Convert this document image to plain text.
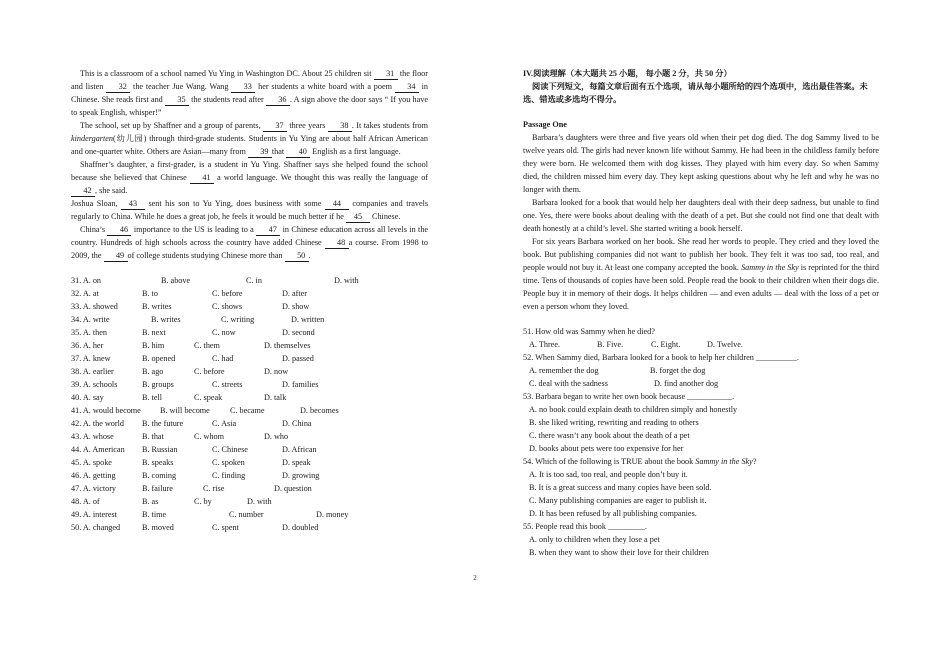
This is a classroom of a school named Yu Ying in Washington DC. About 25 children sit 31 the floor and listen 32 the teacher Jue Wang. Wang 33 her students a white board with a poem 34 in Chinese. She reads first and 35 the students read after 36 . A sign above the door says “ If you have to speak English, whisper!”
The school, set up by Shaffner and a group of parents, 37 three years 38 . It takes students from kindergarten(幼儿园) through third-grade students. Students in Yu Ying are about half African American and one-quarter white. Others are Asian—many from 39 that 40 English as a first language.
Shaffner’s daughter, a first-grader, is a student in Yu Ying. Shaffner says she helped found the school because she believed that Chinese 41 a world language. We thought this was really the language of 42 , she said.
Joshua Sloan, 43 sent his son to Yu Ying, does business with some 44 companies and travels regularly to China. While he does a great job, he feels it would be much better if he 45 Chinese.
China’s 46 importance to the US is leading to a 47 in Chinese education across all levels in the country. Hundreds of high schools across the country have added Chinese 48 a course. From 1998 to 2009, the 49 of college students studying Chinese more than 50 .
31. A. on	B. above	C. in	D. with
32. A. at	B. to	C. before	D. after
33. A. showed	B. writes	C. shows	D. show
34. A. write	B. writes	C. writing	D. written
35. A. then	B. next	C. now	D. second
36. A. her	B. him	C. them	D. themselves
37. A. knew	B. opened	C. had	D. passed
38. A. earlier	B. ago	C. before	D. now
39. A. schools	B. groups	C. streets	D. families
40. A. say	B. tell	C. speak	D. talk
41. A. would become B. will become C. became	D. becomes
42. A. the world B. the future	C. Asia	D. China
43. A. whose	B. that	C. whom	D. who
44. A. American B. Russian	C. Chinese	D. African
45. A. spoke	B. speaks	C. spoken	D. speak
46. A. getting	B. coming	C. finding	D. growing
47. A. victory	B. failure	C. rise	D. question
48. A. of	B. as	C. by	D. with
49. A. interest	B. time	C. number	D. money
50. A. changed	B. moved	C. spent	D. doubled

IV.阅读理解（本大题共 25 小题， 每小题 2 分，共 50 分）

阅读下列短文，每篇文章后面有五个选项，请从每小题所给的四个选项中，选出最佳答案。未选、错选或多选均不得分。

Passage One

Barbara’s daughters were three and five years old when their pet dog died. The dog Sammy lived to be twelve years old. The girls had never known life without Sammy. He had been in the childless family before they were born. He welcomed them with dog kisses. They played with him every day. So when Sammy died, the children missed him every day. They kept asking questions about why he left and why he was no longer with them.

Barbara looked for a book that would help her daughters deal with their deep sadness, but unable to find one. Yes, there were books about dealing with the death of a pet. But she could not find one that dealt with death honestly at a child’s level. She started writing a book herself.

For six years Barbara worked on her book. She read her words to people. They cried and they loved the book. But publishing companies did not want to publish her book. They felt it was too sad, too real, and people would not buy it. At least one company accepted the book. Sammy in the Sky is reprinted for the third time. Tens of thousands of copies have been sold. People read the book to their children when their dogs die. People buy it in memory of their dogs. It helps children — and even adults — deal with the loss of a pet or even a person whom they loved.

51. How old was Sammy when he died?

A. Three.	B. Five.	C. Eight.	D. Twelve.

52. When Sammy died, Barbara looked for a book to help her children __________.

A. remember the dog	B. forget the dog
C. deal with the sadness	D. find another dog

53. Barbara began to write her own book because ___________.

A. no book could explain death to children simply and honestly

B. she liked writing, rewriting and reading to others

C. there wasn’t any book about the death of a pet

D. books about pets were too expensive for her

54. Which of the following is TRUE about the book Sammy in the Sky?

A. It is too sad, too real, and people don’t buy it.

B. It is a great success and many copies have been sold.

C. Many publishing companies are eager to publish it.

D. It has been refused by all publishing companies.

55. People read this book _________.

A. only to children when they lose a pet

B. when they want to show their love for their children

2
